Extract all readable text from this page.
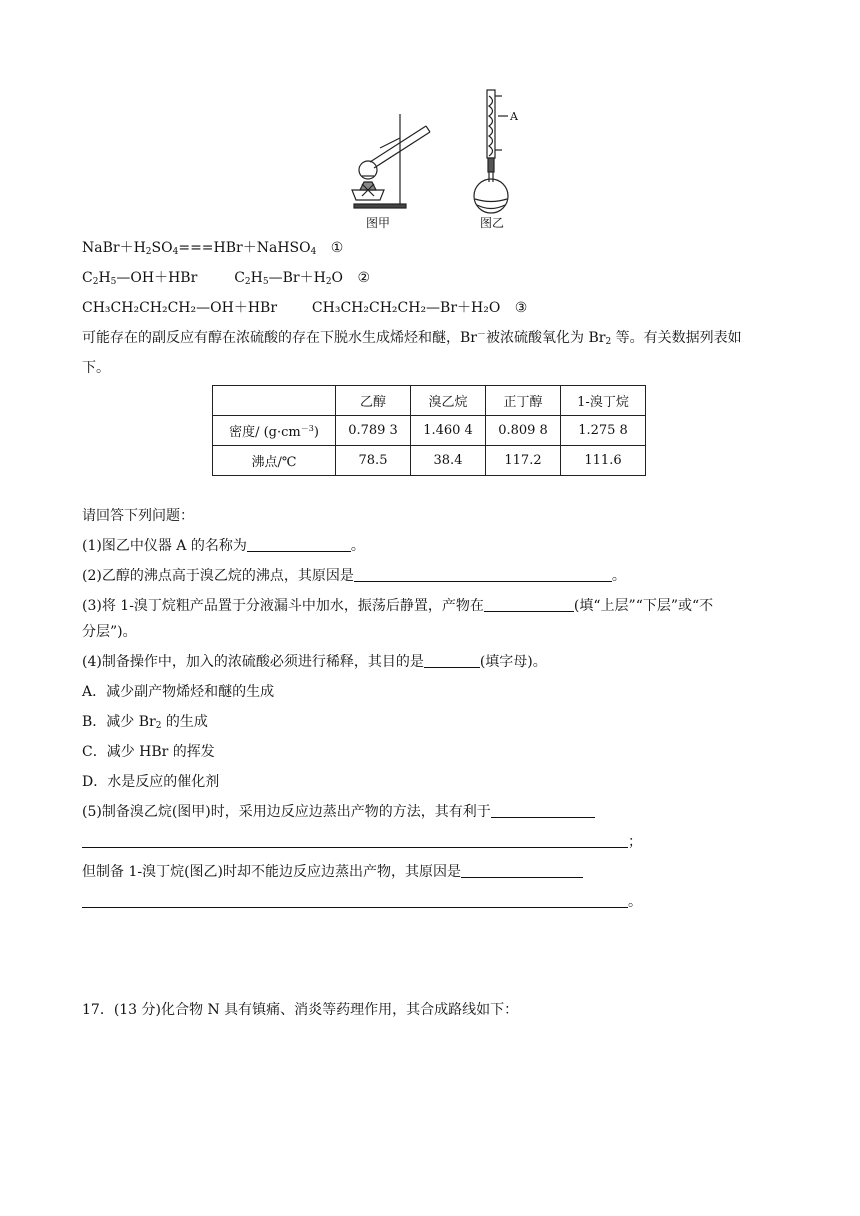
图甲
A
图乙
$NaBr+H_2SO_4===HBr+NaHSO_4$ ①
$C_2H_5—OH+HBr$	$C_2H_5—Br+H_2O$ ②
CH₃CH₂CH₂CH₂—OH＋HBr CH₃CH₂CH₂CH₂—Br＋H₂O ③
可能存在的副反应有醇在浓硫酸的存在下脱水生成烯烃和醚，Br－被浓硫酸氧化为 $Br_2$ 等。有关数据列表如
下。
	乙醇	溴乙烷	正丁醇	1-溴丁烷
密度/ $(g\cdot cm^{-3})$	0.789 3	1.460 4	0.809 8	1.275 8
沸点/℃	78.5	38.4	117.2	111.6
请回答下列问题：
(1)图乙中仪器 A 的名称为	。
(2)乙醇的沸点高于溴乙烷的沸点，其原因是	。
(3)将 1-溴丁烷粗产品置于分液漏斗中加水，振荡后静置，产物在	(填“上层”“下层”或“不
分层”)。
(4)制备操作中，加入的浓硫酸必须进行稀释，其目的是	(填字母)。
A．减少副产物烯烃和醚的生成
B．减少 $Br_2$ 的生成
C．减少 HBr 的挥发
D．水是反应的催化剂
(5)制备溴乙烷(图甲)时，采用边反应边蒸出产物的方法，其有利于
；
但制备 1-溴丁烷(图乙)时却不能边反应边蒸出产物，其原因是
。
17．(13 分)化合物 N 具有镇痛、消炎等药理作用，其合成路线如下：
